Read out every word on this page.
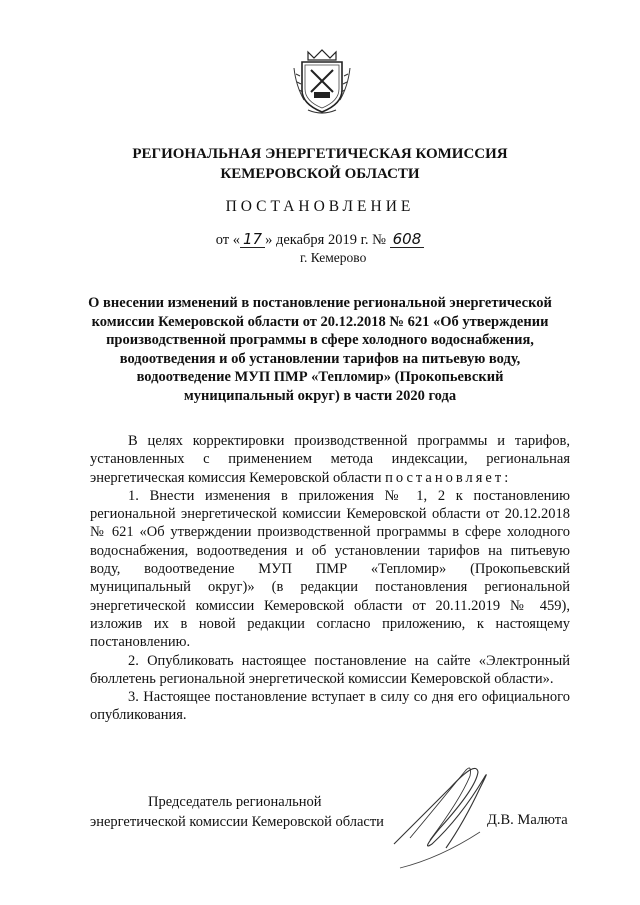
РЕГИОНАЛЬНАЯ ЭНЕРГЕТИЧЕСКАЯ КОМИССИЯ
КЕМЕРОВСКОЙ ОБЛАСТИ
ПОСТАНОВЛЕНИЕ
от « 17 » декабря 2019 г. № 608
г. Кемерово
О внесении изменений в постановление региональной энергетической комиссии Кемеровской области от 20.12.2018 № 621 «Об утверждении производственной программы в сфере холодного водоснабжения, водоотведения и об установлении тарифов на питьевую воду, водоотведение МУП ПМР «Тепломир» (Прокопьевский муниципальный округ) в части 2020 года

В целях корректировки производственной программы и тарифов, установленных с применением метода индексации, региональная энергетическая комиссия Кемеровской области постановляет:

1. Внести изменения в приложения № 1, 2 к постановлению региональной энергетической комиссии Кемеровской области от 20.12.2018 № 621 «Об утверждении производственной программы в сфере холодного водоснабжения, водоотведения и об установлении тарифов на питьевую воду, водоотведение МУП ПМР «Тепломир» (Прокопьевский муниципальный округ)» (в редакции постановления региональной энергетической комиссии Кемеровской области от 20.11.2019 № 459), изложив их в новой редакции согласно приложению, к настоящему постановлению.

2. Опубликовать настоящее постановление на сайте «Электронный бюллетень региональной энергетической комиссии Кемеровской области».

3. Настоящее постановление вступает в силу со дня его официального опубликования.

Председатель региональной
энергетической комиссии Кемеровской области	Д.В. Малюта
